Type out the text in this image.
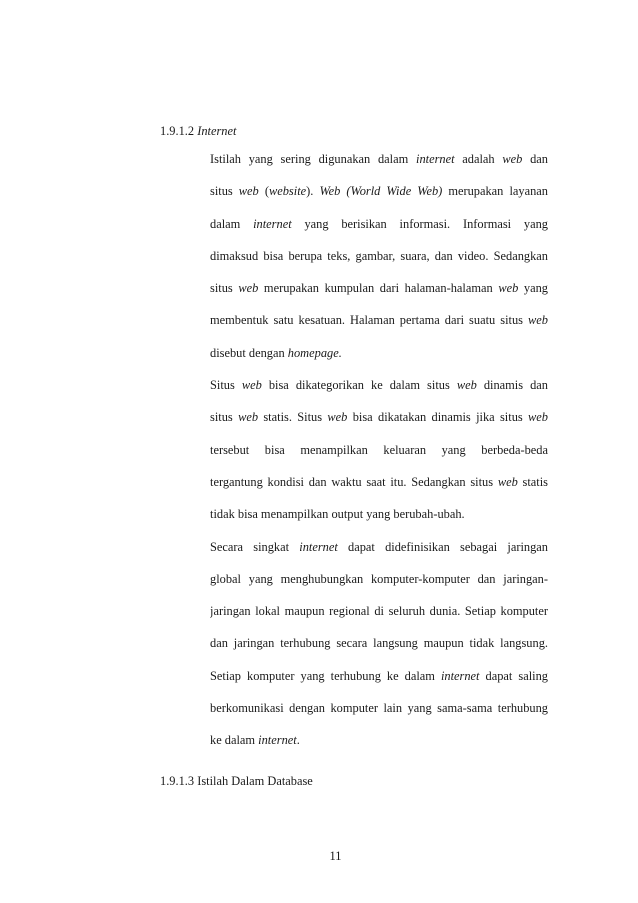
1.9.1.2 Internet
Istilah yang sering digunakan dalam internet adalah web dan
situs web (website). Web (World Wide Web) merupakan layanan
dalam internet yang berisikan informasi. Informasi yang
dimaksud bisa berupa teks, gambar, suara, dan video. Sedangkan
situs web merupakan kumpulan dari halaman-halaman web yang
membentuk satu kesatuan. Halaman pertama dari suatu situs web
disebut dengan homepage.
Situs web bisa dikategorikan ke dalam situs web dinamis dan
situs web statis. Situs web bisa dikatakan dinamis jika situs web
tersebut bisa menampilkan keluaran yang berbeda-beda
tergantung kondisi dan waktu saat itu. Sedangkan situs web statis
tidak bisa menampilkan output yang berubah-ubah.
Secara singkat internet dapat didefinisikan sebagai jaringan
global yang menghubungkan komputer-komputer dan jaringan-
jaringan lokal maupun regional di seluruh dunia. Setiap komputer
dan jaringan terhubung secara langsung maupun tidak langsung.
Setiap komputer yang terhubung ke dalam internet dapat saling
berkomunikasi dengan komputer lain yang sama-sama terhubung
ke dalam internet.
1.9.1.3 Istilah Dalam Database
11
